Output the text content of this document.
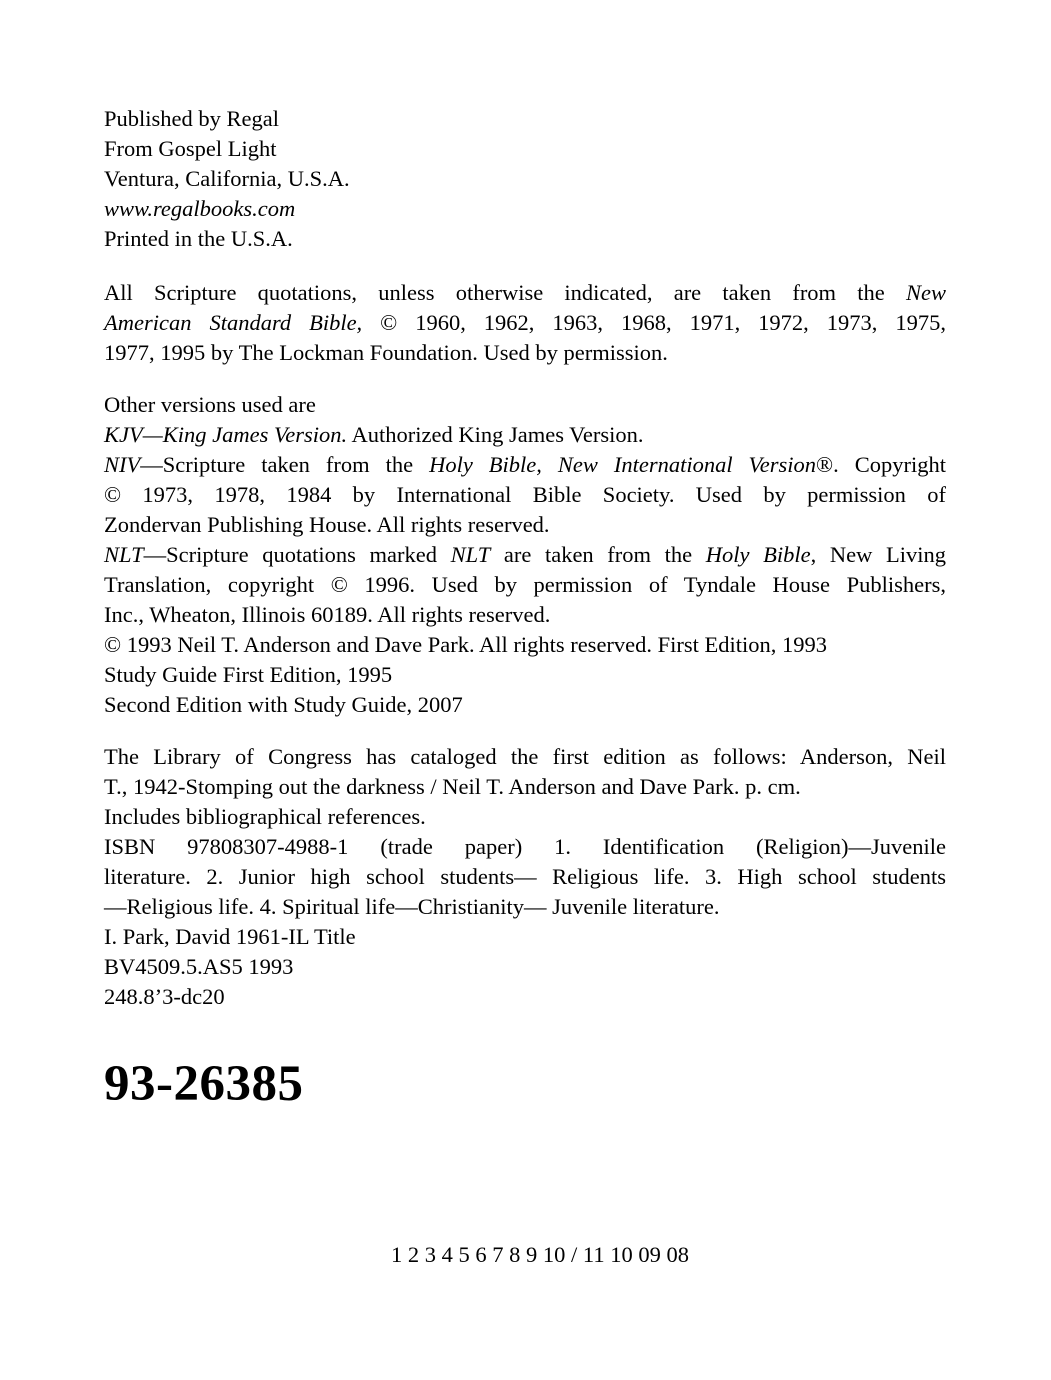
Published by Regal
From Gospel Light
Ventura, California, U.S.A.
www.regalbooks.com
Printed in the U.S.A.
All Scripture quotations, unless otherwise indicated, are taken from the New
American Standard Bible, © 1960, 1962, 1963, 1968, 1971, 1972, 1973, 1975,
1977, 1995 by The Lockman Foundation. Used by permission.
Other versions used are
KJV—King James Version. Authorized King James Version.
NIV—Scripture taken from the Holy Bible, New International Version®. Copyright
© 1973, 1978, 1984 by International Bible Society. Used by permission of
Zondervan Publishing House. All rights reserved.
NLT—Scripture quotations marked NLT are taken from the Holy Bible, New Living
Translation, copyright © 1996. Used by permission of Tyndale House Publishers,
Inc., Wheaton, Illinois 60189. All rights reserved.
© 1993 Neil T. Anderson and Dave Park. All rights reserved. First Edition, 1993
Study Guide First Edition, 1995
Second Edition with Study Guide, 2007
The Library of Congress has cataloged the first edition as follows: Anderson, Neil
T., 1942-Stomping out the darkness / Neil T. Anderson and Dave Park. p. cm.
Includes bibliographical references.
ISBN 97808307-4988-1 (trade paper) 1. Identification (Religion)—Juvenile
literature. 2. Junior high school students— Religious life. 3. High school students
—Religious life. 4. Spiritual life—Christianity— Juvenile literature.
I. Park, David 1961-IL Title
BV4509.5.AS5 1993
248.8’3-dc20
93-26385
1 2 3 4 5 6 7 8 9 10 / 11 10 09 08
